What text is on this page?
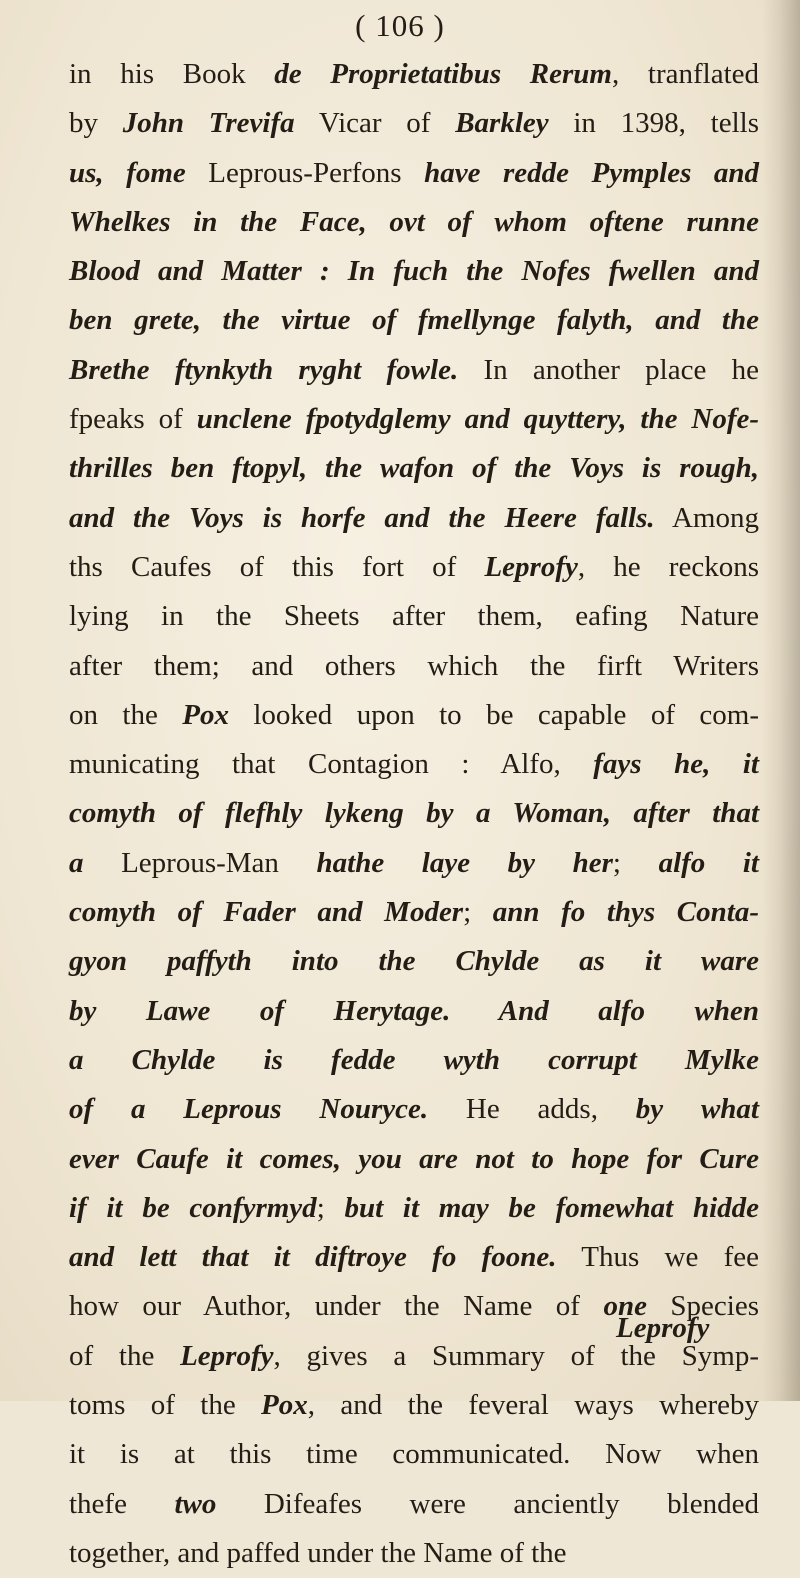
( 106 )
in his Book de Proprietatibus Rerum, tranflated
by John Trevifa Vicar of Barkley in 1398, tells
us, fome Leprous-Perfons have redde Pymples and
Whelkes in the Face, ovt of whom oftene runne
Blood and Matter : In fuch the Nofes fwellen and
ben grete, the virtue of fmellynge falyth, and the
Brethe ftynkyth ryght fowle. In another place he
fpeaks of unclene fpotydglemy and quyttery, the Nofe-
thrilles ben ftopyl, the wafon of the Voys is rough,
and the Voys is horfe and the Heere falls. Among
ths Caufes of this fort of Leprofy, he reckons
lying in the Sheets after them, eafing Nature
after them; and others which the firft Writers
on the Pox looked upon to be capable of com-
municating that Contagion : Alfo, fays he, it
comyth of flefhly lykeng by a Woman, after that
a Leprous-Man hathe laye by her; alfo it
comyth of Fader and Moder; ann fo thys Conta-
gyon paffyth into the Chylde as it ware
by Lawe of Herytage. And alfo when
a Chylde is fedde wyth corrupt Mylke
of a Leprous Nouryce. He adds, by what
ever Caufe it comes, you are not to hope for Cure
if it be confyrmyd; but it may be fomewhat hidde
and lett that it diftroye fo foone. Thus we fee
how our Author, under the Name of one Species
of the Leprofy, gives a Summary of the Symp-
toms of the Pox, and the feveral ways whereby
it is at this time communicated. Now when
thefe two Difeafes were anciently blended
together, and paffed under the Name of the
Leprofy
